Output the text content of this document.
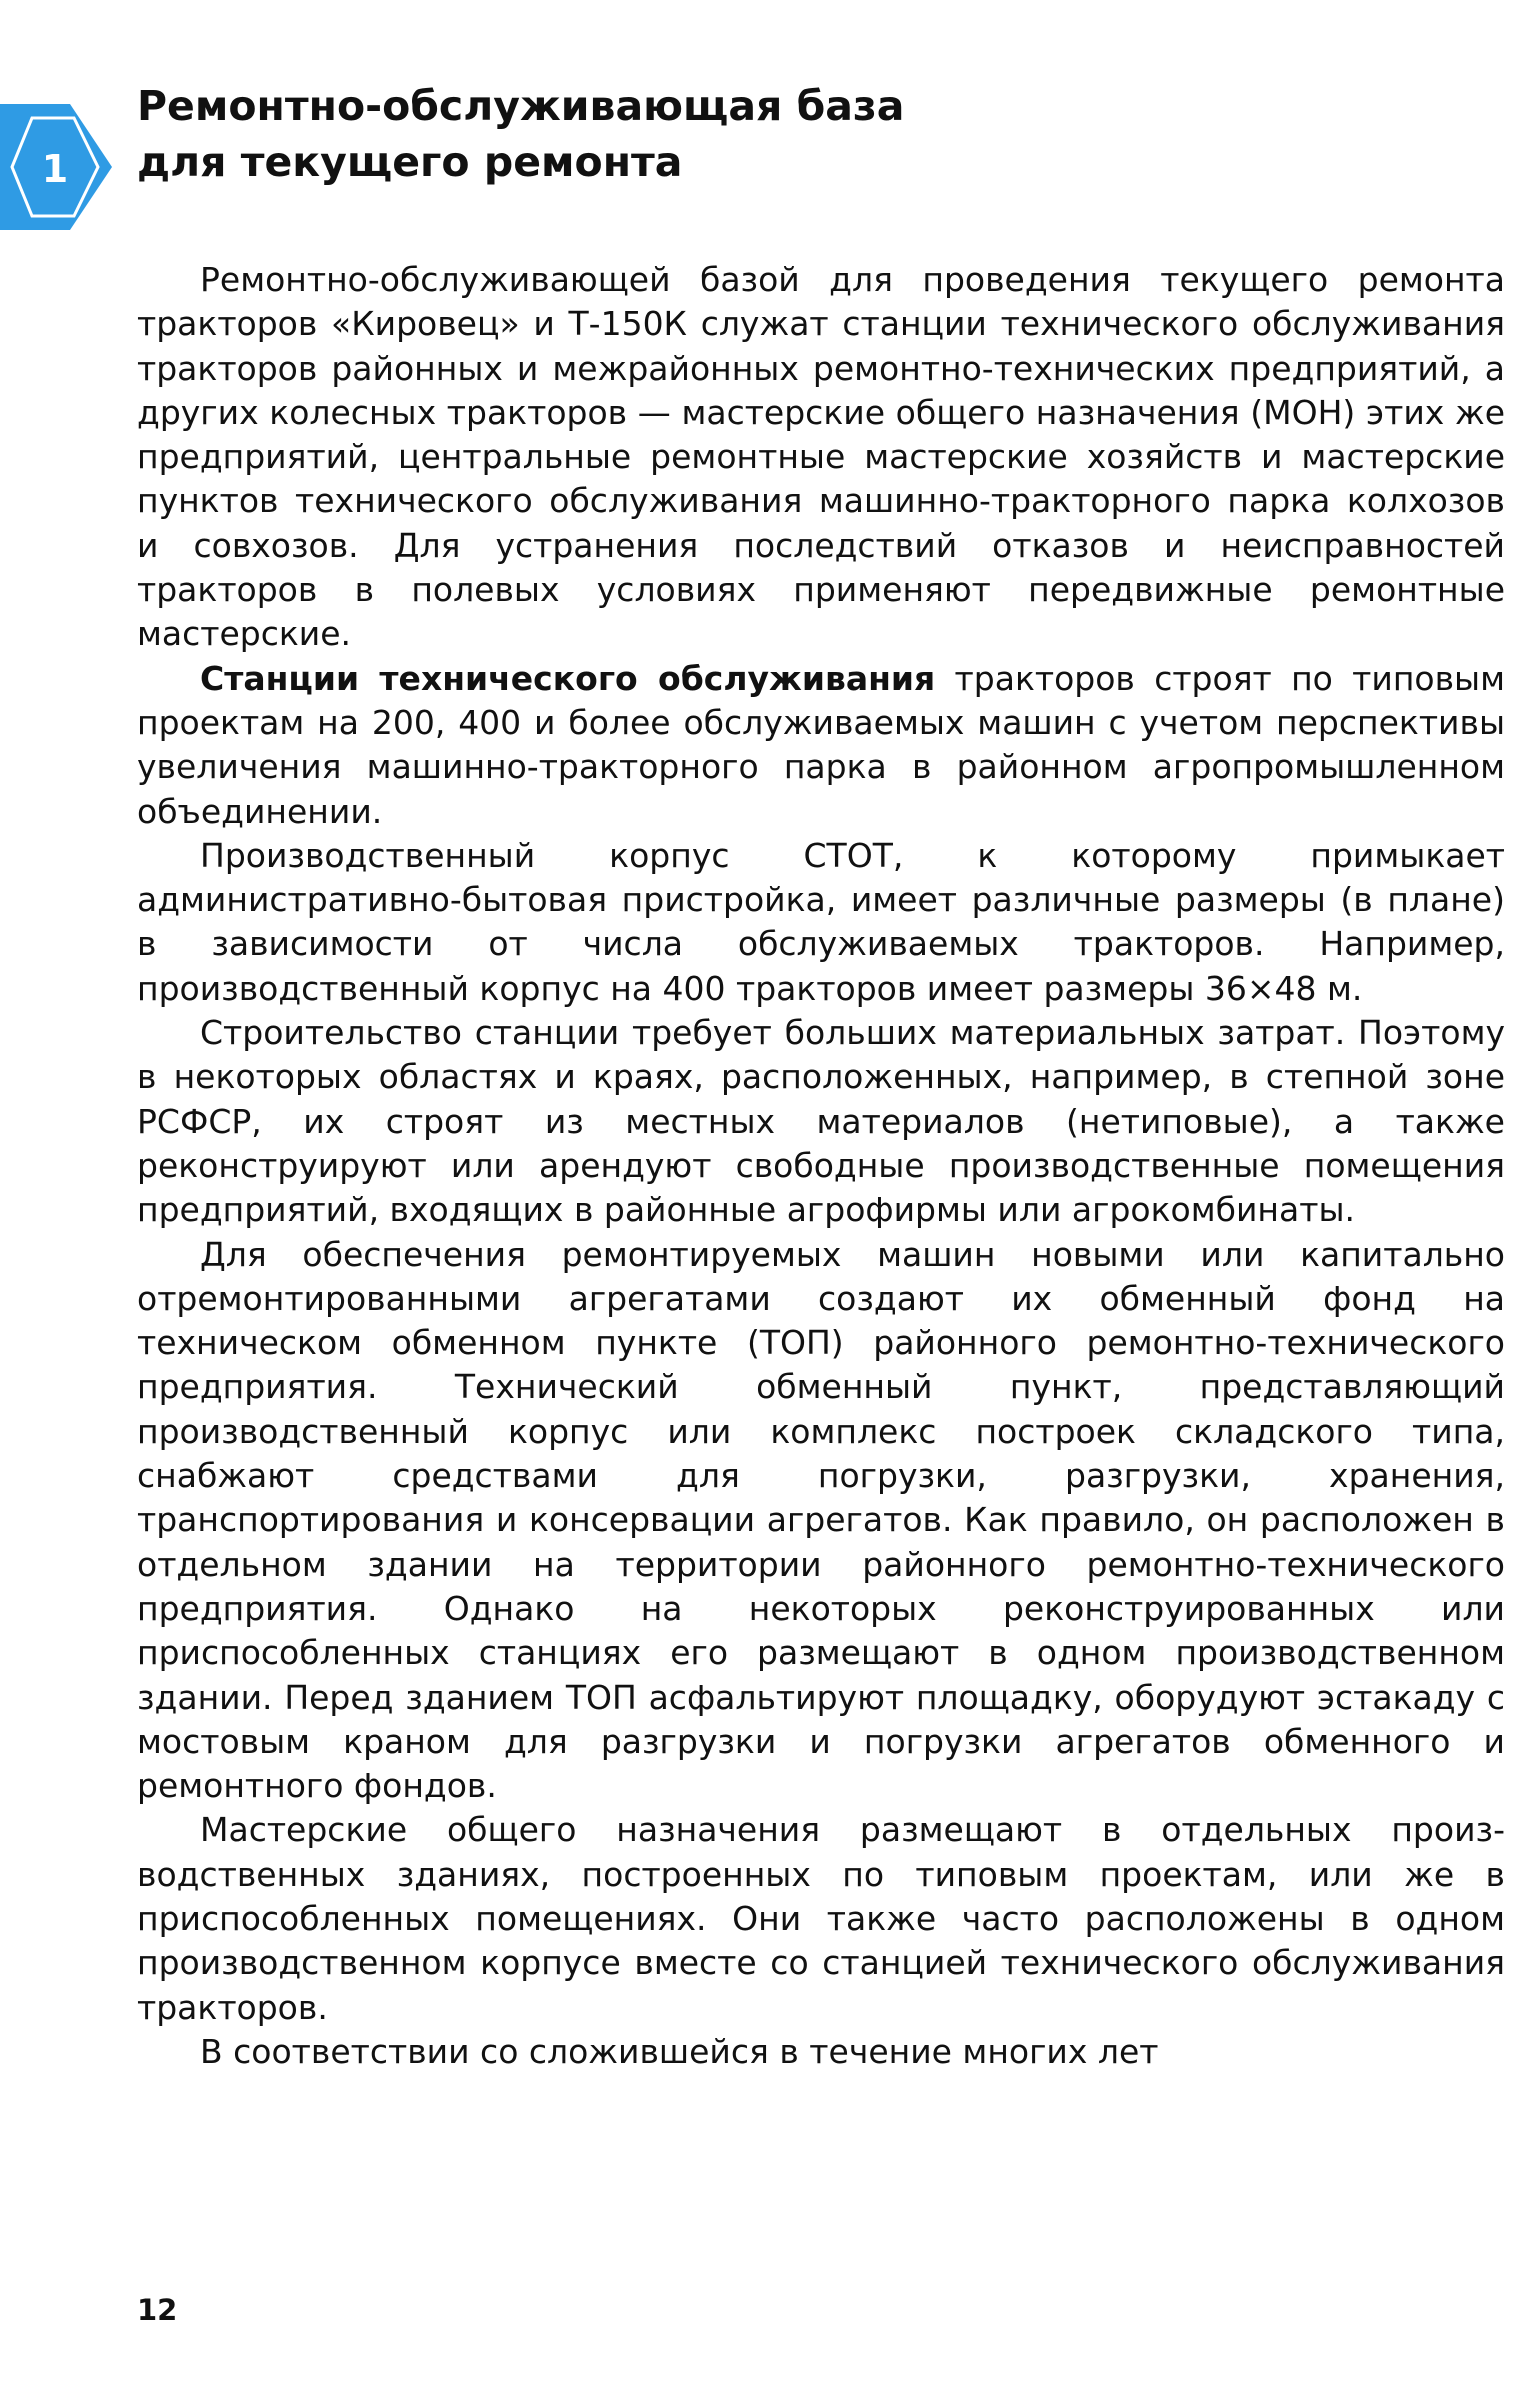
1
Ремонтно-обслуживающая база
для текущего ремонта

Ремонтно-обслуживающей базой для проведения текущего ремонта тракторов «Кировец» и Т-150К служат станции технического обслуживания тракторов районных и межрайонных ремонтно-технических предприятий, а других колесных тракторов — мастерские общего назначения (МОН) этих же предприятий, центральные ремонтные мастерские хозяйств и мастерские пунктов технического обслуживания машинно-тракторного парка колхозов и совхозов. Для устранения последствий отказов и неисправностей тракторов в полевых условиях применяют передвижные ремонтные мастерские.

Станции технического обслуживания тракторов строят по типовым проектам на 200, 400 и более обслуживаемых машин с учетом перспективы увеличения машинно-тракторного парка в районном агропромышленном объединении.

Производственный корпус СТОТ, к которому примыкает административно-бытовая пристройка, имеет различные размеры (в плане) в зависимости от числа обслуживаемых тракторов. Например, производственный корпус на 400 тракторов имеет размеры 36×48 м.

Строительство станции требует больших материальных затрат. Поэтому в некоторых областях и краях, расположенных, например, в степной зоне РСФСР, их строят из местных материалов (нетиповые), а также реконструируют или арендуют свободные производственные помещения предприятий, входящих в районные агрофирмы или агрокомбинаты.

Для обеспечения ремонтируемых машин новыми или капитально отремонтированными агрегатами создают их обменный фонд на техническом обменном пункте (ТОП) районного ремонтно-технического предприятия. Технический обменный пункт, представляющий производственный корпус или комплекс построек складского типа, снабжают средствами для погрузки, разгрузки, хранения, транспортирования и консервации агрегатов. Как правило, он расположен в отдельном здании на территории районного ремонтно-технического предприятия. Однако на некоторых реконструированных или приспособленных станциях его размещают в одном производственном здании. Перед зданием ТОП асфальтируют площадку, оборудуют эстакаду с мостовым краном для разгрузки и погрузки агрегатов обменного и ремонтного фондов.

Мастерские общего назначения размещают в отдельных производственных зданиях, построенных по типовым проектам, или же в приспособленных помещениях. Они также часто расположены в одном производственном корпусе вместе со станцией технического обслуживания тракторов.

В соответствии со сложившейся в течение многих лет

12
